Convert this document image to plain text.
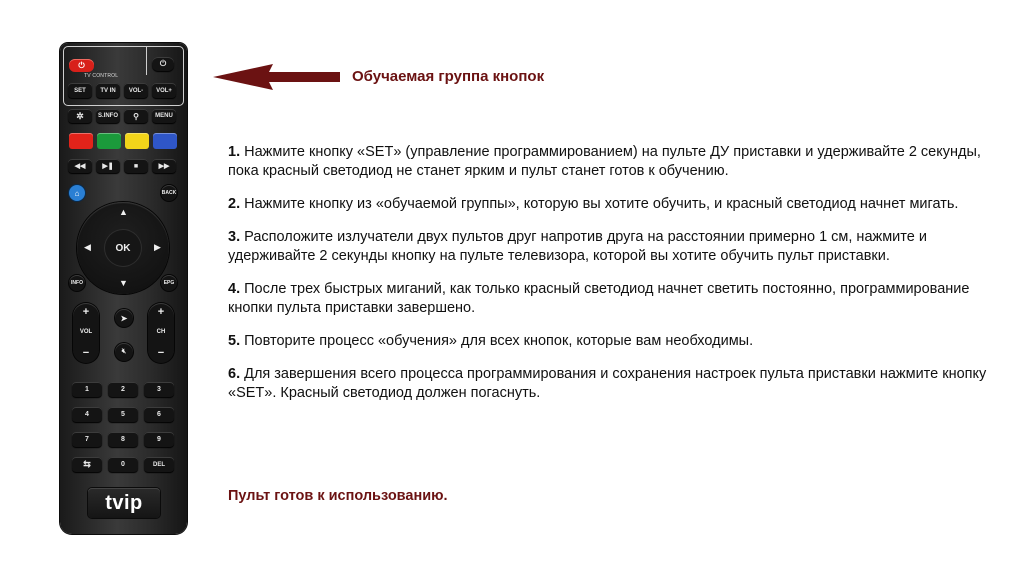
⏻	⏻
TV CONTROL
SET TV IN VOL- VOL+
✲ S.INFO ⚲	MENU
◀◀ ▶❚	■	▶▶
⌂	BACK
▲
▼
◀	▶
OK
INFO	EPG
+
VOL
−
+
CH
−
➤
🔇︎
1	2	3
4	5	6
7	8	9
⇆	0	DEL
tvip
Обучаемая группа кнопок

1. Нажмите кнопку «SET» (управление программированием) на пульте ДУ приставки и удерживайте 2 секунды, пока красный светодиод не станет ярким и пульт станет готов к обучению.

2. Нажмите кнопку из «обучаемой группы», которую вы хотите обучить, и красный светодиод начнет мигать.

3. Расположите излучатели двух пультов друг напротив друга на расстоянии примерно 1 см, нажмите и удерживайте 2 секунды кнопку на пульте телевизора, которой вы хотите обучить пульт приставки.

4. После трех быстрых миганий, как только красный светодиод начнет светить постоянно, программирование кнопки пульта приставки завершено.

5. Повторите процесс «обучения» для всех кнопок, которые вам необходимы.

6. Для завершения всего процесса программирования и сохранения настроек пульта приставки нажмите кнопку «SET». Красный светодиод должен погаснуть.

Пульт готов к использованию.
